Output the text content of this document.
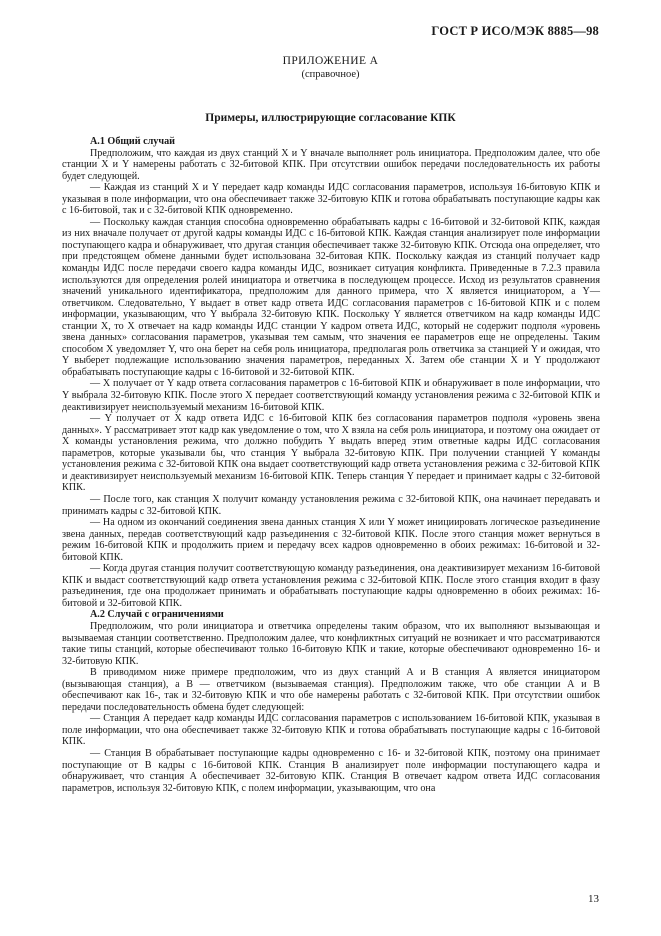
ГОСТ Р ИСО/МЭК 8885—98
ПРИЛОЖЕНИЕ А
(справочное)
Примеры, иллюстрирующие согласование КПК
А.1 Общий случай

Предположим, что каждая из двух станций X и Y вначале выполняет роль инициатора. Предположим далее, что обе станции X и Y намерены работать с 32-битовой КПК. При отсутствии ошибок передачи последовательность их работы будет следующей.

— Каждая из станций X и Y передает кадр команды ИДС согласования параметров, используя 16-битовую КПК и указывая в поле информации, что она обеспечивает также 32-битовую КПК и готова обрабатывать поступающие кадры как с 16-битовой, так и с 32-битовой КПК одновременно.

— Поскольку каждая станция способна одновременно обрабатывать кадры с 16-битовой и 32-битовой КПК, каждая из них вначале получает от другой кадры команды ИДС с 16-битовой КПК. Каждая станция анализирует поле информации поступающего кадра и обнаруживает, что другая станция обеспечивает также 32-битовую КПК. Отсюда она определяет, что при предстоящем обмене данными будет использована 32-битовая КПК. Поскольку каждая из станций получает кадр команды ИДС после передачи своего кадра команды ИДС, возникает ситуация конфликта. Приведенные в 7.2.3 правила используются для определения ролей инициатора и ответчика в последующем процессе. Исход из результатов сравнения значений уникального идентификатора, предположим для данного примера, что X является инициатором, а Y— ответчиком. Следовательно, Y выдает в ответ кадр ответа ИДС согласования параметров с 16-битовой КПК и с полем информации, указывающим, что Y выбрала 32-битовую КПК. Поскольку Y является ответчиком на кадр команды ИДС станции X, то X отвечает на кадр команды ИДС станции Y кадром ответа ИДС, который не содержит подполя «уровень звена данных» согласования параметров, указывая тем самым, что значения ее параметров еще не определены. Таким способом X уведомляет Y, что она берет на себя роль инициатора, предполагая роль ответчика за станцией Y и ожидая, что Y выберет подлежащие использованию значения параметров, переданных X. Затем обе станции X и Y продолжают обрабатывать поступающие кадры с 16-битовой и 32-битовой КПК.

— X получает от Y кадр ответа согласования параметров с 16-битовой КПК и обнаруживает в поле информации, что Y выбрала 32-битовую КПК. После этого X передает соответствующий команду установления режима с 32-битовой КПК и деактивизирует неиспользуемый механизм 16-битовой КПК.

— Y получает от X кадр ответа ИДС с 16-битовой КПК без согласования параметров подполя «уровень звена данных». Y рассматривает этот кадр как уведомление о том, что X взяла на себя роль инициатора, и поэтому она ожидает от X команды установления режима, что должно побудить Y выдать вперед этим ответные кадры ИДС согласования параметров, которые указывали бы, что станция Y выбрала 32-битовую КПК. При получении станцией Y команды установления режима с 32-битовой КПК она выдает соответствующий кадр ответа установления режима с 32-битовой КПК и деактивизирует неиспользуемый механизм 16-битовой КПК. Теперь станция Y передает и принимает кадры с 32-битовой КПК.

— После того, как станция X получит команду установления режима с 32-битовой КПК, она начинает передавать и принимать кадры с 32-битовой КПК.

— На одном из окончаний соединения звена данных станция X или Y может инициировать логическое разъединение звена данных, передав соответствующий кадр разъединения с 32-битовой КПК. После этого станция может вернуться в режим 16-битовой КПК и продолжить прием и передачу всех кадров одновременно в обоих режимах: 16-битовой и 32-битовой КПК.

— Когда другая станция получит соответствующую команду разъединения, она деактивизирует механизм 16-битовой КПК и выдаст соответствующий кадр ответа установления режима с 32-битовой КПК. После этого станция входит в фазу разъединения, где она продолжает принимать и обрабатывать поступающие кадры одновременно в обоих режимах: 16-битовой и 32-битовой КПК.

А.2 Случай с ограничениями

Предположим, что роли инициатора и ответчика определены таким образом, что их выполняют вызывающая и вызываемая станции соответственно. Предположим далее, что конфликтных ситуаций не возникает и что рассматриваются такие типы станций, которые обеспечивают только 16-битовую КПК и такие, которые обеспечивают одновременно 16- и 32-битовую КПК.

В приводимом ниже примере предположим, что из двух станций А и В станция А является инициатором (вызывающая станция), а В — ответчиком (вызываемая станция). Предположим также, что обе станции А и В обеспечивают как 16-, так и 32-битовую КПК и что обе намерены работать с 32-битовой КПК. При отсутствии ошибок передачи последовательность обмена будет следующей:

— Станция А передает кадр команды ИДС согласования параметров с использованием 16-битовой КПК, указывая в поле информации, что она обеспечивает также 32-битовую КПК и готова обрабатывать поступающие кадры с 16-битовой КПК.

— Станция В обрабатывает поступающие кадры одновременно с 16- и 32-битовой КПК, поэтому она принимает поступающие от В кадры с 16-битовой КПК. Станция В анализирует поле информации поступающего кадра и обнаруживает, что станция А обеспечивает 32-битовую КПК. Станция В отвечает кадром ответа ИДС согласования параметров, используя 32-битовую КПК, с полем информации, указывающим, что она

13
